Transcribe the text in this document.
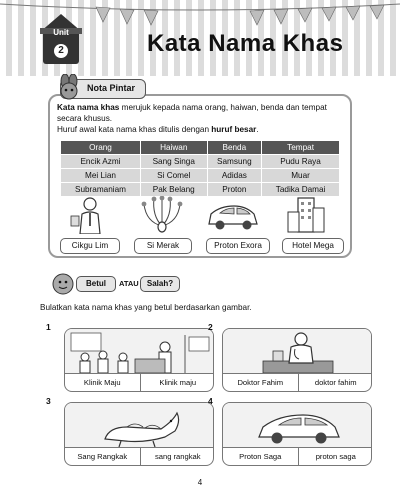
Unit
2	Kata Nama Khas
Nota Pintar

Kata nama khas merujuk kepada nama orang, haiwan, benda dan tempat secara khusus.

Huruf awal kata nama khas ditulis dengan huruf besar.

Orang	Haiwan	Benda	Tempat
Encik Azmi	Sang Singa	Samsung	Pudu Raya
Mei Lian	Si Comel	Adidas	Muar
Subramaniam	Pak Belang	Proton	Tadika Damai
Cikgu Lim	Si Merak	Proton Exora	Hotel Mega
Betul	ATAU	Salah?
Bulatkan kata nama khas yang betul berdasarkan gambar.
1
Klinik Maju	Klinik maju
2
Doktor Fahim	doktor fahim
3
Sang Rangkak	sang rangkak
4
Proton Saga	proton saga
4
